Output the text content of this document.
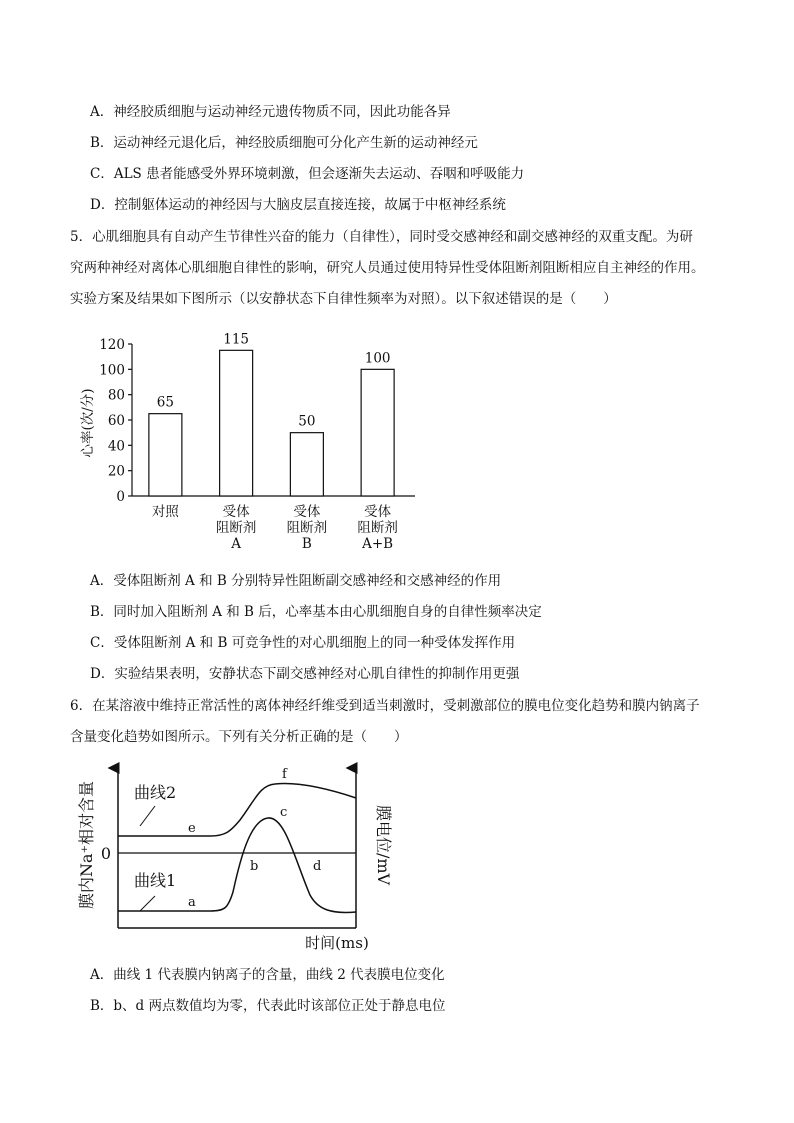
A．神经胶质细胞与运动神经元遗传物质不同，因此功能各异
B．运动神经元退化后，神经胶质细胞可分化产生新的运动神经元
C．ALS 患者能感受外界环境刺激，但会逐渐失去运动、吞咽和呼吸能力
D．控制躯体运动的神经因与大脑皮层直接连接，故属于中枢神经系统
5．心肌细胞具有自动产生节律性兴奋的能力（自律性），同时受交感神经和副交感神经的双重支配。为研
究两种神经对离体心肌细胞自律性的影响，研究人员通过使用特异性受体阻断剂阻断相应自主神经的作用。
实验方案及结果如下图所示（以安静状态下自律性频率为对照）。以下叙述错误的是（　　）
0
20
40
60
80
100
120
65
对照
115
受体
阻断剂
A
50
受体
阻断剂
B
100
受体
阻断剂
A+B
心率(次/分)
A．受体阻断剂 A 和 B 分别特异性阻断副交感神经和交感神经的作用
B．同时加入阻断剂 A 和 B 后，心率基本由心肌细胞自身的自律性频率决定
C．受体阻断剂 A 和 B 可竞争性的对心肌细胞上的同一种受体发挥作用
D．实验结果表明，安静状态下副交感神经对心肌自律性的抑制作用更强
6．在某溶液中维持正常活性的离体神经纤维受到适当刺激时，受刺激部位的膜电位变化趋势和膜内钠离子
含量变化趋势如图所示。下列有关分析正确的是（　　）
0
曲线2
曲线1
e
f
a
b
c
d
膜内Na⁺相对含量	膜电位/mV
时间(ms)
A．曲线 1 代表膜内钠离子的含量，曲线 2 代表膜电位变化
B．b、d 两点数值均为零，代表此时该部位正处于静息电位
